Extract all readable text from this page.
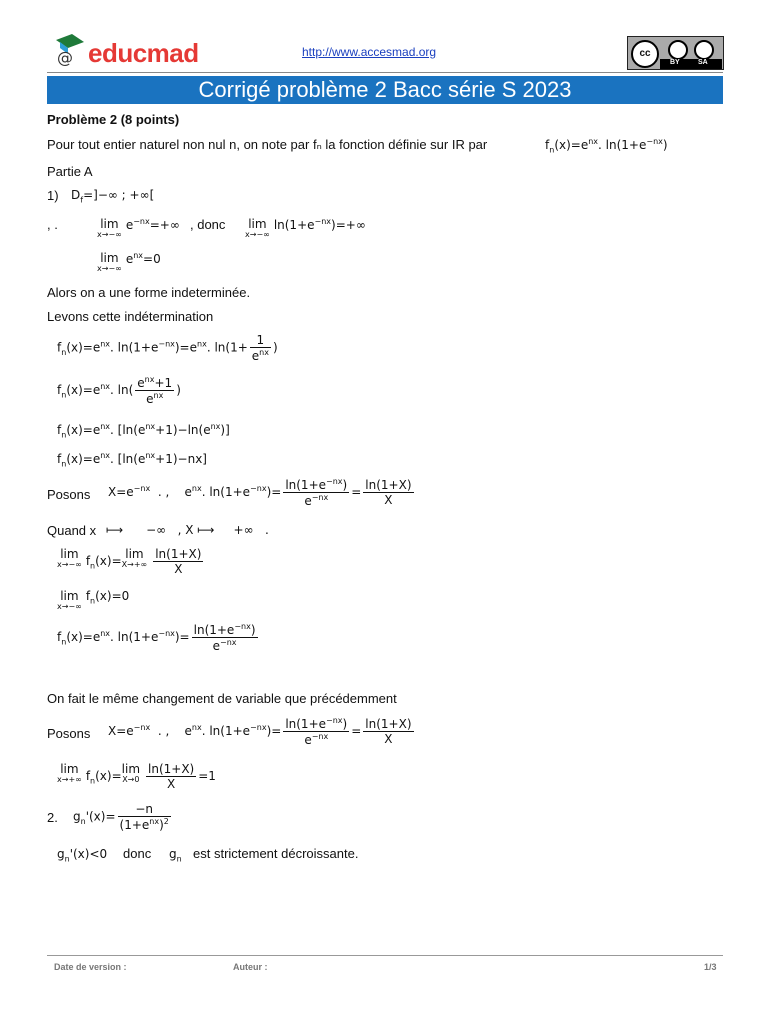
@ educmad	http://www.accesmad.org	cc
BY	SA
Corrigé problème 2 Bacc série S 2023
Problème 2 (8 points)
Pour tout entier naturel non nul n, on note par fₙ la fonction définie sur IR par	$f_n(x)=e^{nx}$. $\ln(1+e^{-nx})$
Partie A
1) $D_f=]-\infty$ ; +∞[
, .	lim
x→−∞
$e^{-nx}=+\infty$ , donc lim
x→−∞
$\ln(1+e^{-nx})=+\infty$
lim
x→−∞
$e^{nx}=0$
Alors on a une forme indeterminée.
Levons cette indétermination
$f_n(x)=e^{nx}$. $\ln(1+e^{-nx})=e^{nx}$. $\ln(1+ \frac{1}{e^{nx}}$ )
$f_n(x)=e^{nx}$. $\ln( \frac{e^{nx}+1}{e^{nx}}$ )
$f_n(x)=e^{nx}$. $[\ln(e^{nx}+1)-\ln(e^{nx})]$
$f_n(x)=e^{nx}$. $[\ln(e^{nx}+1)-nx]$
Posons $X=e^{-nx}$  . ,    $e^{nx}$. $\ln(1+e^{-nx})= \frac{\ln(1+e^{-nx})}{e^{-nx}} = \frac{\ln(1+X)}{X}$
Quand x ⟼      −∞   , X ⟼     +∞   .
lim
x→−∞ $f_n(x)= \lim$
$X\to+\infty \frac{\ln(1+X)}{X}$
lim
x→−∞
$f_n(x)=0$
$f_n(x)=e^{nx}$. $\ln(1+e^{-nx})= \frac{\ln(1+e^{-nx})}{e^{-nx}}$
On fait le même changement de variable que précédemment
Posons $X=e^{-nx}$  . ,    $e^{nx}$. $\ln(1+e^{-nx})= \frac{\ln(1+e^{-nx})}{e^{-nx}} = \frac{\ln(1+X)}{X}$
lim
x→+∞ $f_n(x)= \lim$
$X\to 0 \frac{\ln(1+X)}{X} =1$
2. $g_n'(x)= \frac{-n}{(1+e^{nx})^2}$
$g_n'(x)<0$ donc $g_n$ est strictement décroissante.
Date de version :	Auteur :	1/3
